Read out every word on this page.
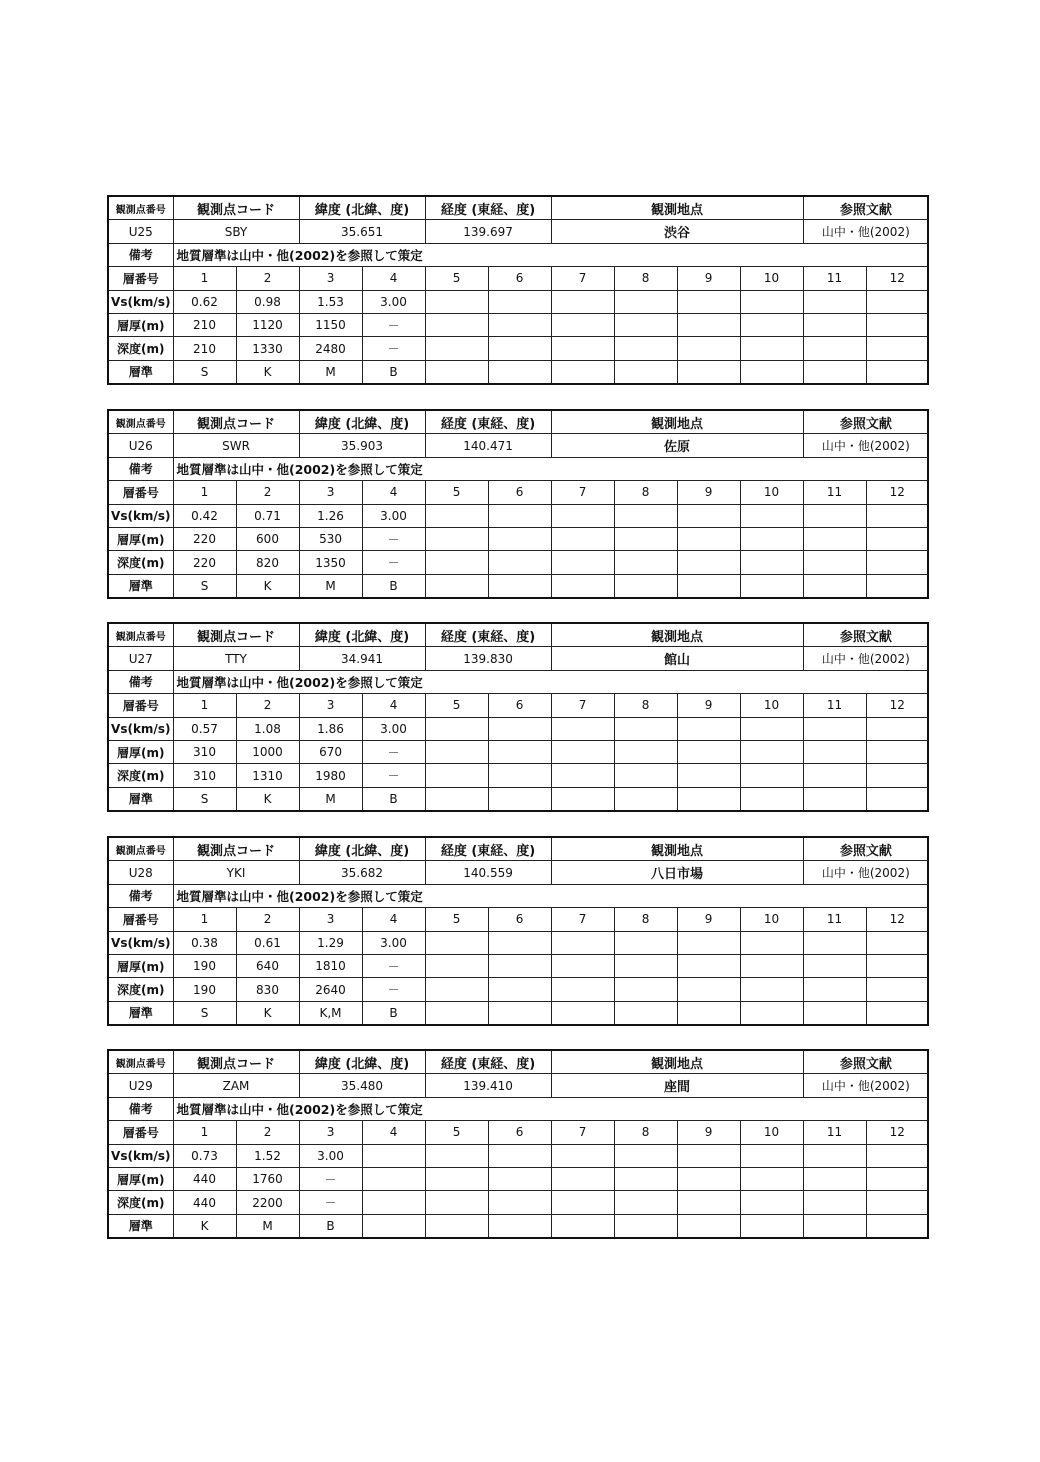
観測点番号	観測点コード		緯度 (北緯、度)		経度 (東経、度)		観測地点				参照文献	
U25	SBY		35.651		139.697		渋谷				山中・他(2002)	
備考	地質層準は山中・他(2002)を参照して策定											
層番号	1	2	3	4	5	6	7	8	9	10	11	12
Vs(km/s)	0.62	0.98	1.53	3.00								
層厚(m)	210	1120	1150	－								
深度(m)	210	1330	2480	－								
層準	S	K	M	B								
観測点番号	観測点コード		緯度 (北緯、度)		経度 (東経、度)		観測地点				参照文献	
U26	SWR		35.903		140.471		佐原				山中・他(2002)	
備考	地質層準は山中・他(2002)を参照して策定											
層番号	1	2	3	4	5	6	7	8	9	10	11	12
Vs(km/s)	0.42	0.71	1.26	3.00								
層厚(m)	220	600	530	－								
深度(m)	220	820	1350	－								
層準	S	K	M	B								
観測点番号	観測点コード		緯度 (北緯、度)		経度 (東経、度)		観測地点				参照文献	
U27	TTY		34.941		139.830		館山				山中・他(2002)	
備考	地質層準は山中・他(2002)を参照して策定											
層番号	1	2	3	4	5	6	7	8	9	10	11	12
Vs(km/s)	0.57	1.08	1.86	3.00								
層厚(m)	310	1000	670	－								
深度(m)	310	1310	1980	－								
層準	S	K	M	B								
観測点番号	観測点コード		緯度 (北緯、度)		経度 (東経、度)		観測地点				参照文献	
U28	YKI		35.682		140.559		八日市場				山中・他(2002)	
備考	地質層準は山中・他(2002)を参照して策定											
層番号	1	2	3	4	5	6	7	8	9	10	11	12
Vs(km/s)	0.38	0.61	1.29	3.00								
層厚(m)	190	640	1810	－								
深度(m)	190	830	2640	－								
層準	S	K	K,M	B								
観測点番号	観測点コード		緯度 (北緯、度)		経度 (東経、度)		観測地点				参照文献	
U29	ZAM		35.480		139.410		座間				山中・他(2002)	
備考	地質層準は山中・他(2002)を参照して策定											
層番号	1	2	3	4	5	6	7	8	9	10	11	12
Vs(km/s)	0.73	1.52	3.00									
層厚(m)	440	1760	－									
深度(m)	440	2200	－									
層準	K	M	B									
